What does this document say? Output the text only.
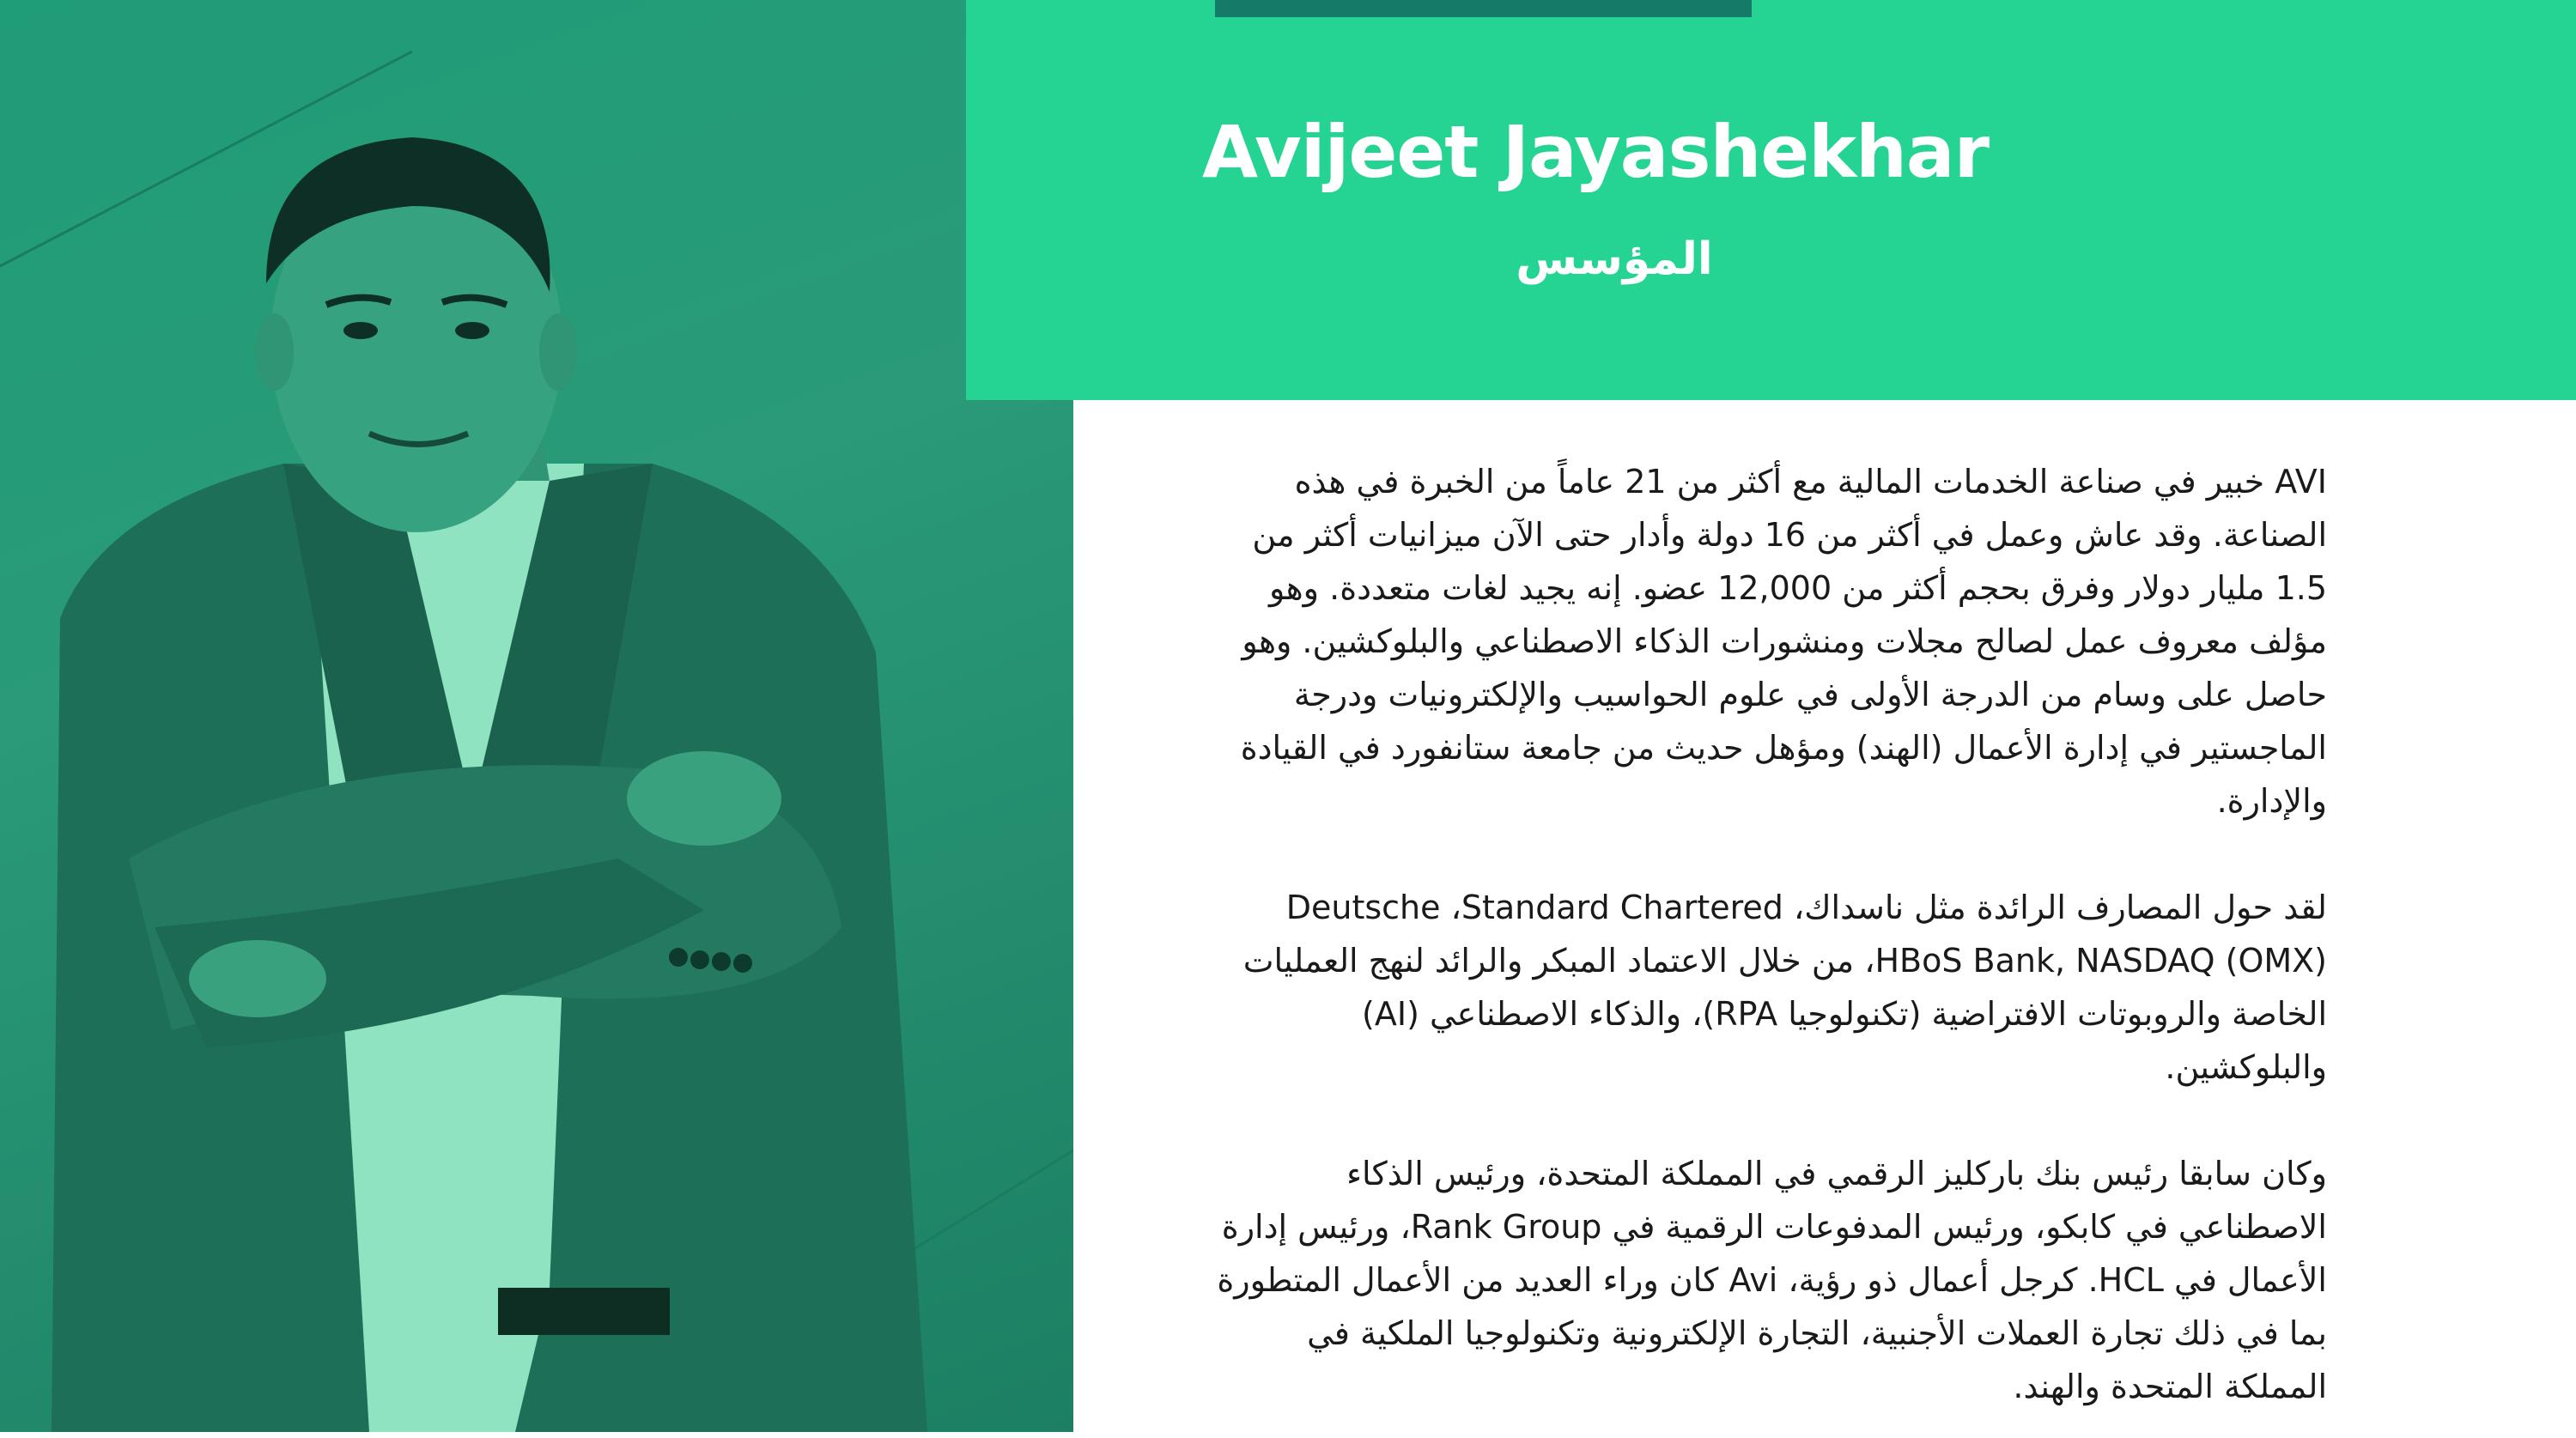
Avijeet Jayashekhar
المؤسس

AVI خبير في صناعة الخدمات المالية مع أكثر من 21 عاماً من الخبرة في هذه الصناعة. وقد عاش وعمل في أكثر من 16 دولة وأدار حتى الآن ميزانيات أكثر من 1.5 مليار دولار وفرق بحجم أكثر من 12,000 عضو. إنه يجيد لغات متعددة. وهو مؤلف معروف عمل لصالح مجلات ومنشورات الذكاء الاصطناعي والبلوكشين. وهو حاصل على وسام من الدرجة الأولى في علوم الحواسيب والإلكترونيات ودرجة الماجستير في إدارة الأعمال (الهند) ومؤهل حديث من جامعة ستانفورد في القيادة والإدارة.

لقد حول المصارف الرائدة مثل ناسداك، Deutsche ،Standard Chartered ،HBoS Bank, NASDAQ (OMX) من خلال الاعتماد المبكر والرائد لنهج العمليات الخاصة والروبوتات الافتراضية (تكنولوجيا RPA)، والذكاء الاصطناعي (AI) والبلوكشين.

وكان سابقا رئيس بنك باركليز الرقمي في المملكة المتحدة، ورئيس الذكاء الاصطناعي في كابكو، ورئيس المدفوعات الرقمية في Rank Group، ورئيس إدارة الأعمال في HCL. كرجل أعمال ذو رؤية، Avi كان وراء العديد من الأعمال المتطورة بما في ذلك تجارة العملات الأجنبية، التجارة الإلكترونية وتكنولوجيا الملكية في المملكة المتحدة والهند.
